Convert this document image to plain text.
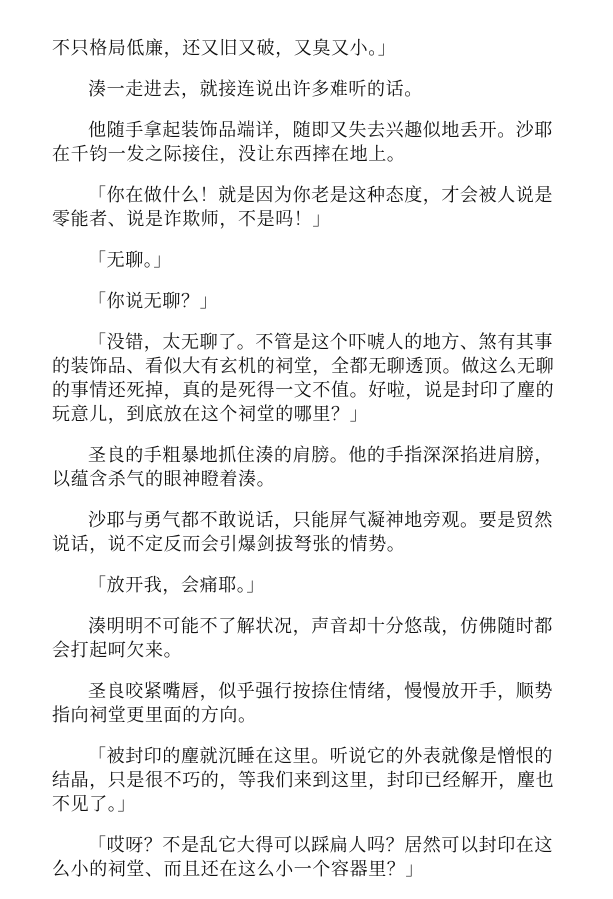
不只格局低廉，还又旧又破，又臭又小。」

湊一走进去，就接连说出许多难听的话。

他随手拿起装饰品端详，随即又失去兴趣似地丢开。沙耶在千钧一发之际接住，没让东西摔在地上。

「你在做什么！就是因为你老是这种态度，才会被人说是零能者、说是诈欺师，不是吗！」

「无聊。」

「你说无聊？」

「没错，太无聊了。不管是这个吓唬人的地方、煞有其事的装饰品、看似大有玄机的祠堂，全都无聊透顶。做这么无聊的事情还死掉，真的是死得一文不值。好啦，说是封印了麈的玩意儿，到底放在这个祠堂的哪里？」

圣良的手粗暴地抓住湊的肩膀。他的手指深深掐进肩膀，以蕴含杀气的眼神瞪着湊。

沙耶与勇气都不敢说话，只能屏气凝神地旁观。要是贸然说话，说不定反而会引爆剑拔弩张的情势。

「放开我，会痛耶。」

湊明明不可能不了解状况，声音却十分悠哉，仿佛随时都会打起呵欠来。

圣良咬紧嘴唇，似乎强行按捺住情绪，慢慢放开手，顺势指向祠堂更里面的方向。

「被封印的麈就沉睡在这里。听说它的外表就像是憎恨的结晶，只是很不巧的，等我们来到这里，封印已经解开，麈也不见了。」

「哎呀？不是乱它大得可以踩扁人吗？居然可以封印在这么小的祠堂、而且还在这么小一个容器里？」
